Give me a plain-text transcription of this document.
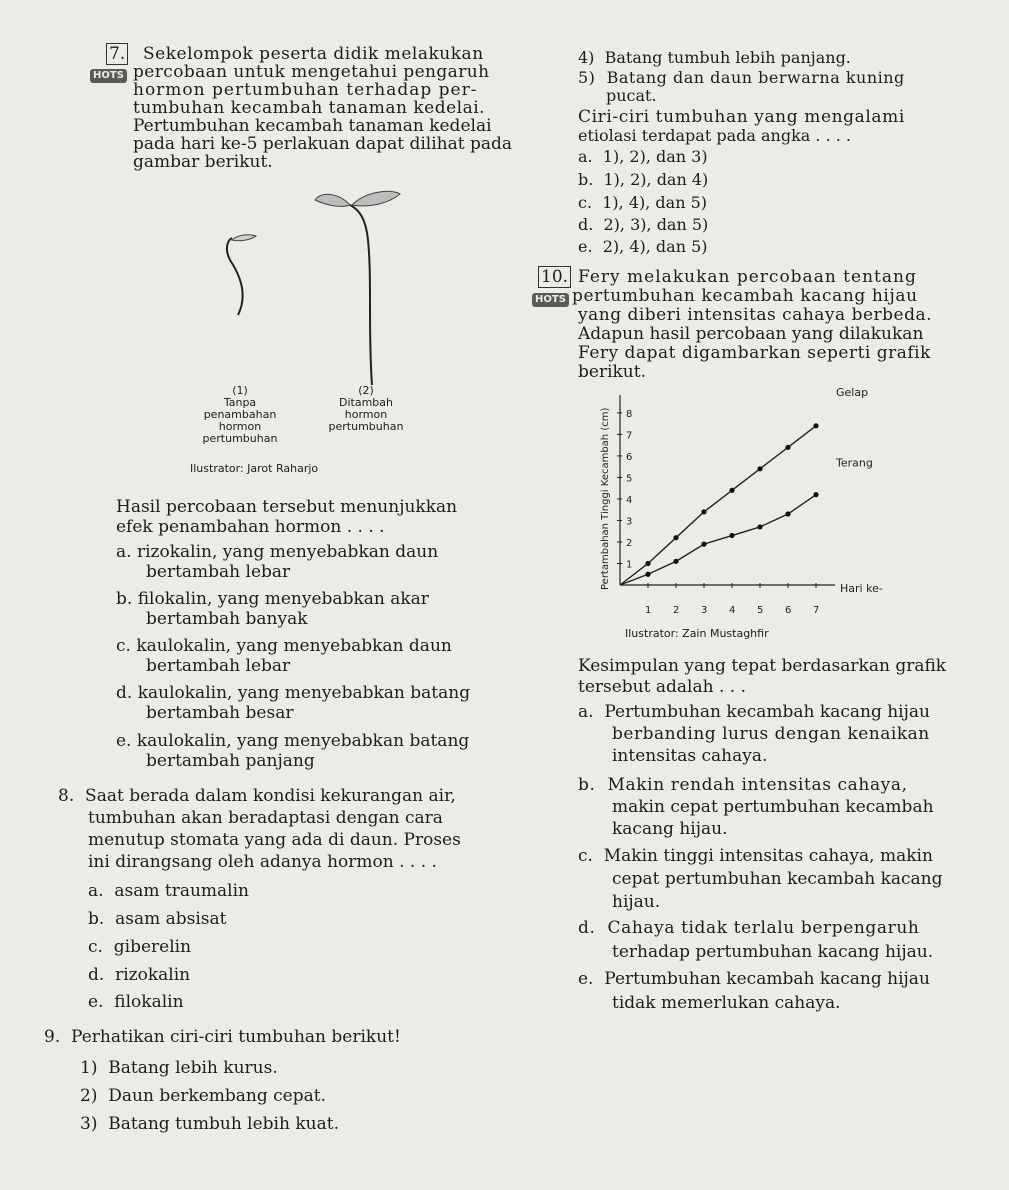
7. Sekelompok peserta didik melakukan
HOTS percobaan untuk mengetahui pengaruh
hormon pertumbuhan terhadap per-
tumbuhan kecambah tanaman kedelai.
Pertumbuhan kecambah tanaman kedelai
pada hari ke-5 perlakuan dapat dilihat pada
gambar berikut.
(1)
Tanpa
penambahan
hormon
pertumbuhan
(2)
Ditambah
hormon
pertumbuhan
Ilustrator: Jarot Raharjo
Hasil percobaan tersebut menunjukkan
efek penambahan hormon . . . .
a. rizokalin, yang menyebabkan daun
bertambah lebar
b. filokalin, yang menyebabkan akar
bertambah banyak
c. kaulokalin, yang menyebabkan daun
bertambah lebar
d. kaulokalin, yang menyebabkan batang
bertambah besar
e. kaulokalin, yang menyebabkan batang
bertambah panjang
8. Saat berada dalam kondisi kekurangan air,
tumbuhan akan beradaptasi dengan cara
menutup stomata yang ada di daun. Proses
ini dirangsang oleh adanya hormon . . . .
a. asam traumalin
b. asam absisat
c. giberelin
d. rizokalin
e. filokalin
9. Perhatikan ciri-ciri tumbuhan berikut!
1) Batang lebih kurus.
2) Daun berkembang cepat.
3) Batang tumbuh lebih kuat.
4) Batang tumbuh lebih panjang.
5) Batang dan daun berwarna kuning
pucat.
Ciri-ciri tumbuhan yang mengalami
etiolasi terdapat pada angka . . . .
a. 1), 2), dan 3)
b. 1), 2), dan 4)
c. 1), 4), dan 5)
d. 2), 3), dan 5)
e. 2), 4), dan 5)
10. Fery melakukan percobaan tentang
HOTS pertumbuhan kecambah kacang hijau
yang diberi intensitas cahaya berbeda.
Adapun hasil percobaan yang dilakukan
Fery dapat digambarkan seperti grafik
berikut.
1
2
3
4
5
6
7
8
1 2 3 4 5 6 7
Hari ke-
Pertambahan Tinggi Kecambah (cm)
Gelap
Terang
Ilustrator: Zain Mustaghfir
Kesimpulan yang tepat berdasarkan grafik
tersebut adalah . . .
a. Pertumbuhan kecambah kacang hijau
berbanding lurus dengan kenaikan
intensitas cahaya.
b. Makin rendah intensitas cahaya,
makin cepat pertumbuhan kecambah
kacang hijau.
c. Makin tinggi intensitas cahaya, makin
cepat pertumbuhan kecambah kacang
hijau.
d. Cahaya tidak terlalu berpengaruh
terhadap pertumbuhan kacang hijau.
e. Pertumbuhan kecambah kacang hijau
tidak memerlukan cahaya.
